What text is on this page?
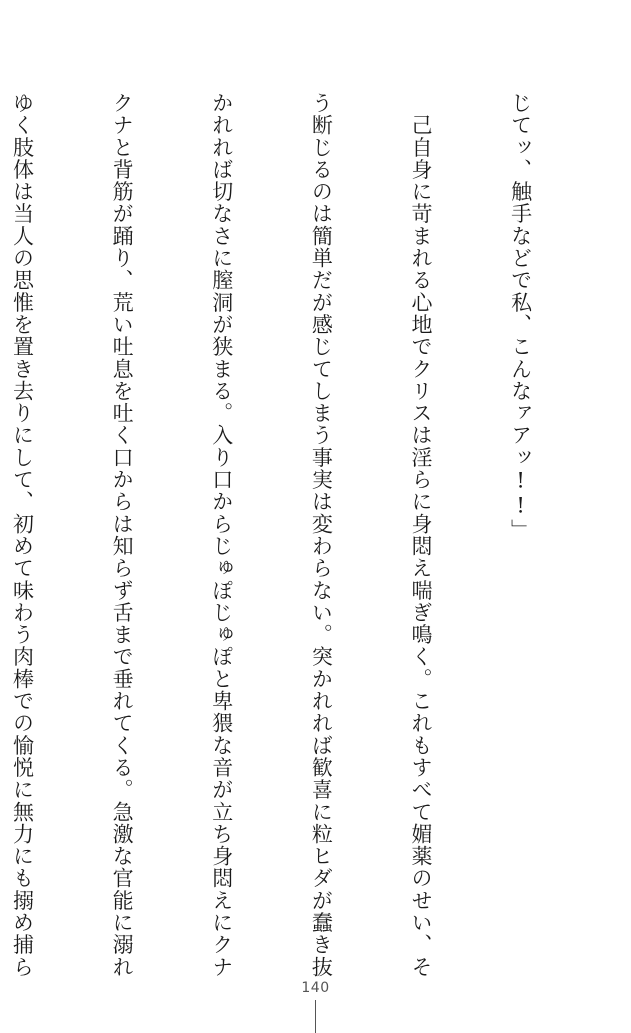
じてッ、触手などで私、こんなァアッ!!」

　己自身に苛まれる心地でクリスは淫らに身悶え喘ぎ鳴く。これもすべて媚薬のせい、そ

う断じるのは簡単だが感じてしまう事実は変わらない。突かれれば歓喜に粒ヒダが蠢き抜

かれれば切なさに膣洞が狭まる。入り口からじゅぽじゅぽと卑猥な音が立ち身悶えにクナ

クナと背筋が踊り、荒い吐息を吐く口からは知らず舌まで垂れてくる。急激な官能に溺れ

ゆく肢体は当人の思惟を置き去りにして、初めて味わう肉棒での愉悦に無力にも搦め捕ら

140
